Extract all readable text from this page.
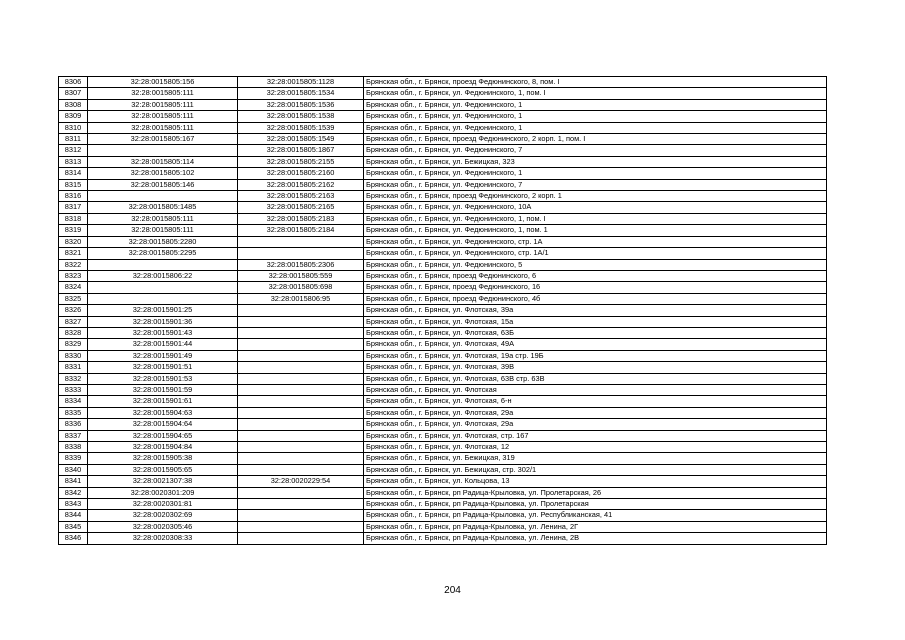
8306	32:28:0015805:156	32:28:0015805:1128	Брянская обл., г. Брянск, проезд Федюнинского, 8, пом. I
8307	32:28:0015805:111	32:28:0015805:1534	Брянская обл., г. Брянск, ул. Федюнинского, 1, пом. I
8308	32:28:0015805:111	32:28:0015805:1536	Брянская обл., г. Брянск, ул. Федюнинского, 1
8309	32:28:0015805:111	32:28:0015805:1538	Брянская обл., г. Брянск, ул. Федюнинского, 1
8310	32:28:0015805:111	32:28:0015805:1539	Брянская обл., г. Брянск, ул. Федюнинского, 1
8311	32:28:0015805:167	32:28:0015805:1549	Брянская обл., г. Брянск, проезд Федюнинского, 2 корп. 1, пом. I
8312		32:28:0015805:1867	Брянская обл., г. Брянск, ул. Федюнинского, 7
8313	32:28:0015805:114	32:28:0015805:2155	Брянская обл., г. Брянск, ул. Бежицкая, 323
8314	32:28:0015805:102	32:28:0015805:2160	Брянская обл., г. Брянск, ул. Федюнинского, 1
8315	32:28:0015805:146	32:28:0015805:2162	Брянская обл., г. Брянск, ул. Федюнинского, 7
8316		32:28:0015805:2163	Брянская обл., г. Брянск, проезд Федюнинского, 2 корп. 1
8317	32:28:0015805:1485	32:28:0015805:2165	Брянская обл., г. Брянск, ул. Федюнинского, 10А
8318	32:28:0015805:111	32:28:0015805:2183	Брянская обл., г. Брянск, ул. Федюнинского, 1, пом. I
8319	32:28:0015805:111	32:28:0015805:2184	Брянская обл., г. Брянск, ул. Федюнинского, 1, пом. 1
8320	32:28:0015805:2280		Брянская обл., г. Брянск, ул. Федюнинского, стр. 1А
8321	32:28:0015805:2295		Брянская обл., г. Брянск, ул. Федюнинского, стр. 1А/1
8322		32:28:0015805:2306	Брянская обл., г. Брянск, ул. Федюнинского, 5
8323	32:28:0015806:22	32:28:0015805:559	Брянская обл., г. Брянск, проезд Федюнинского, 6
8324		32:28:0015805:698	Брянская обл., г. Брянск, проезд Федюнинского, 16
8325		32:28:0015806:95	Брянская обл., г. Брянск, проезд Федюнинского, 4б
8326	32:28:0015901:25		Брянская обл., г. Брянск, ул. Флотская, 39а
8327	32:28:0015901:36		Брянская обл., г. Брянск, ул. Флотская, 15а
8328	32:28:0015901:43		Брянская обл., г. Брянск, ул. Флотская, 63Б
8329	32:28:0015901:44		Брянская обл., г. Брянск, ул. Флотская, 49А
8330	32:28:0015901:49		Брянская обл., г. Брянск, ул. Флотская, 19а стр. 19Б
8331	32:28:0015901:51		Брянская обл., г. Брянск, ул. Флотская, 39В
8332	32:28:0015901:53		Брянская обл., г. Брянск, ул. Флотская, 63В стр. 63В
8333	32:28:0015901:59		Брянская обл., г. Брянск, ул. Флотская
8334	32:28:0015901:61		Брянская обл., г. Брянск, ул. Флотская, 6-н
8335	32:28:0015904:63		Брянская обл., г. Брянск, ул. Флотская, 29а
8336	32:28:0015904:64		Брянская обл., г. Брянск, ул. Флотская, 29а
8337	32:28:0015904:65		Брянская обл., г. Брянск, ул. Флотская, стр. 167
8338	32:28:0015904:84		Брянская обл., г. Брянск, ул. Флотская, 12
8339	32:28:0015905:38		Брянская обл., г. Брянск, ул. Бежицкая, 319
8340	32:28:0015905:65		Брянская обл., г. Брянск, ул. Бежицкая, стр. 302/1
8341	32:28:0021307:38	32:28:0020229:54	Брянская обл., г. Брянск, ул. Кольцова, 13
8342	32:28:0020301:209		Брянская обл., г. Брянск, рп Радица-Крыловка, ул. Пролетарская, 26
8343	32:28:0020301:81		Брянская обл., г. Брянск, рп Радица-Крыловка, ул. Пролетарская
8344	32:28:0020302:69		Брянская обл., г. Брянск, рп Радица-Крыловка, ул. Республиканская, 41
8345	32:28:0020305:46		Брянская обл., г. Брянск, рп Радица-Крыловка, ул. Ленина, 2Г
8346	32:28:0020308:33		Брянская обл., г. Брянск, рп Радица-Крыловка, ул. Ленина, 2В
204
